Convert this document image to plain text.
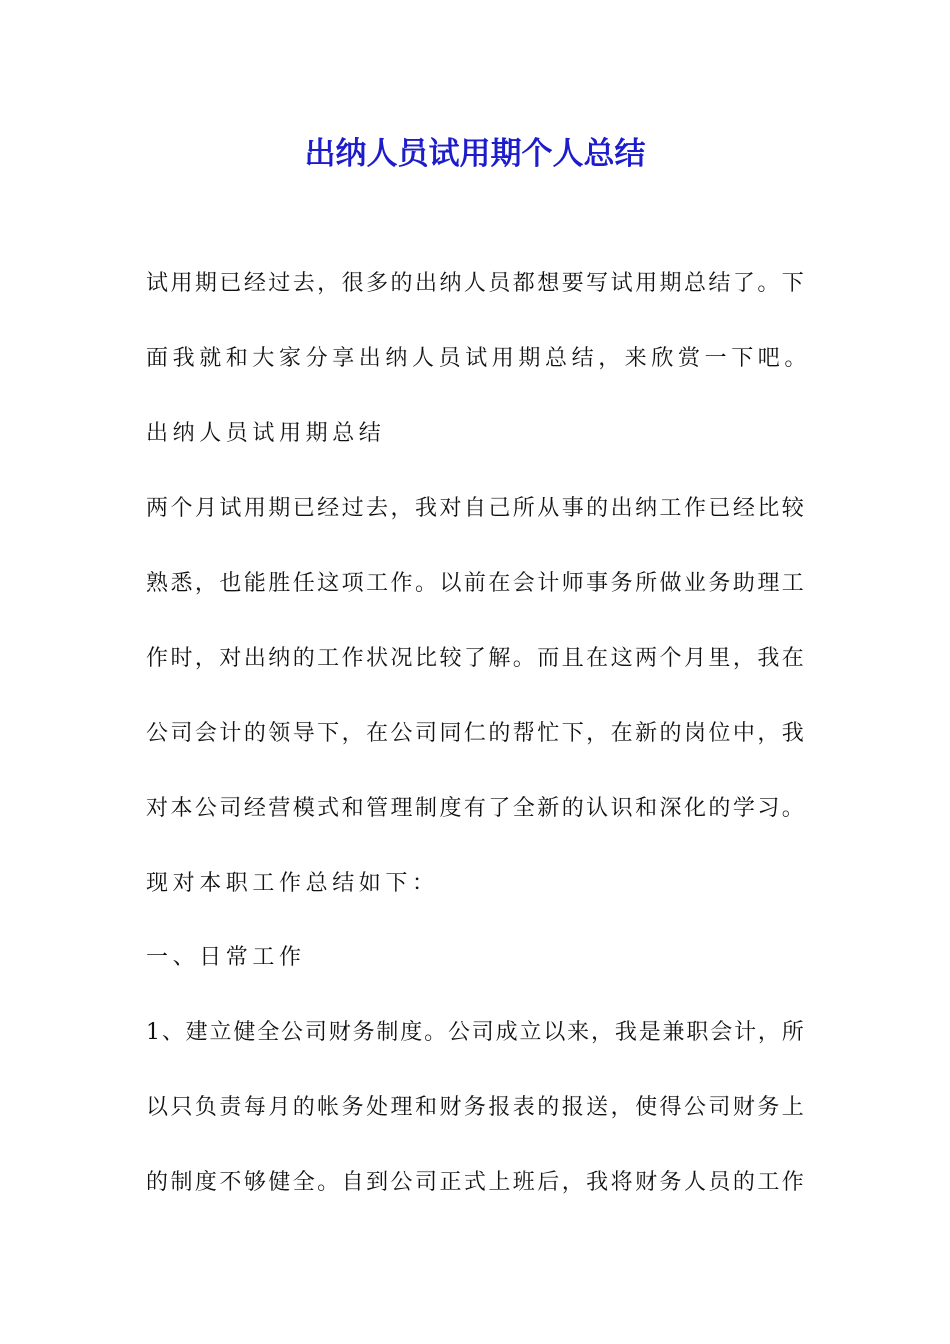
出纳人员试用期个人总结
试 用 期 已 经 过 去 ， 很 多 的 出 纳 人 员 都 想 要 写 试 用 期 总 结 了 。 下
面我就和大家分享出纳人员试用期总结，来欣赏一下吧。
出纳人员试用期总结
两 个 月 试 用 期 已 经 过 去 ， 我 对 自 己 所 从 事 的 出 纳 工 作 已 经 比 较
熟 悉 ， 也 能 胜 任 这 项 工 作 。 以 前 在 会 计 师 事 务 所 做 业 务 助 理 工
作 时 ， 对 出 纳 的 工 作 状 况 比 较 了 解 。 而 且 在 这 两 个 月 里 ， 我 在
公 司 会 计 的 领 导 下 ， 在 公 司 同 仁 的 帮 忙 下 ， 在 新 的 岗 位 中 ， 我
对 本 公 司 经 营 模 式 和 管 理 制 度 有 了 全 新 的 认 识 和 深 化 的 学 习 。
现对本职工作总结如下：
一、日常工作
1 、 建 立 健 全 公 司 财 务 制 度 。 公 司 成 立 以 来 ， 我 是 兼 职 会 计 ， 所
以 只 负 责 每 月 的 帐 务 处 理 和 财 务 报 表 的 报 送 ， 使 得 公 司 财 务 上
的 制 度 不 够 健 全 。 自 到 公 司 正 式 上 班 后 ， 我 将 财 务 人 员 的 工 作
